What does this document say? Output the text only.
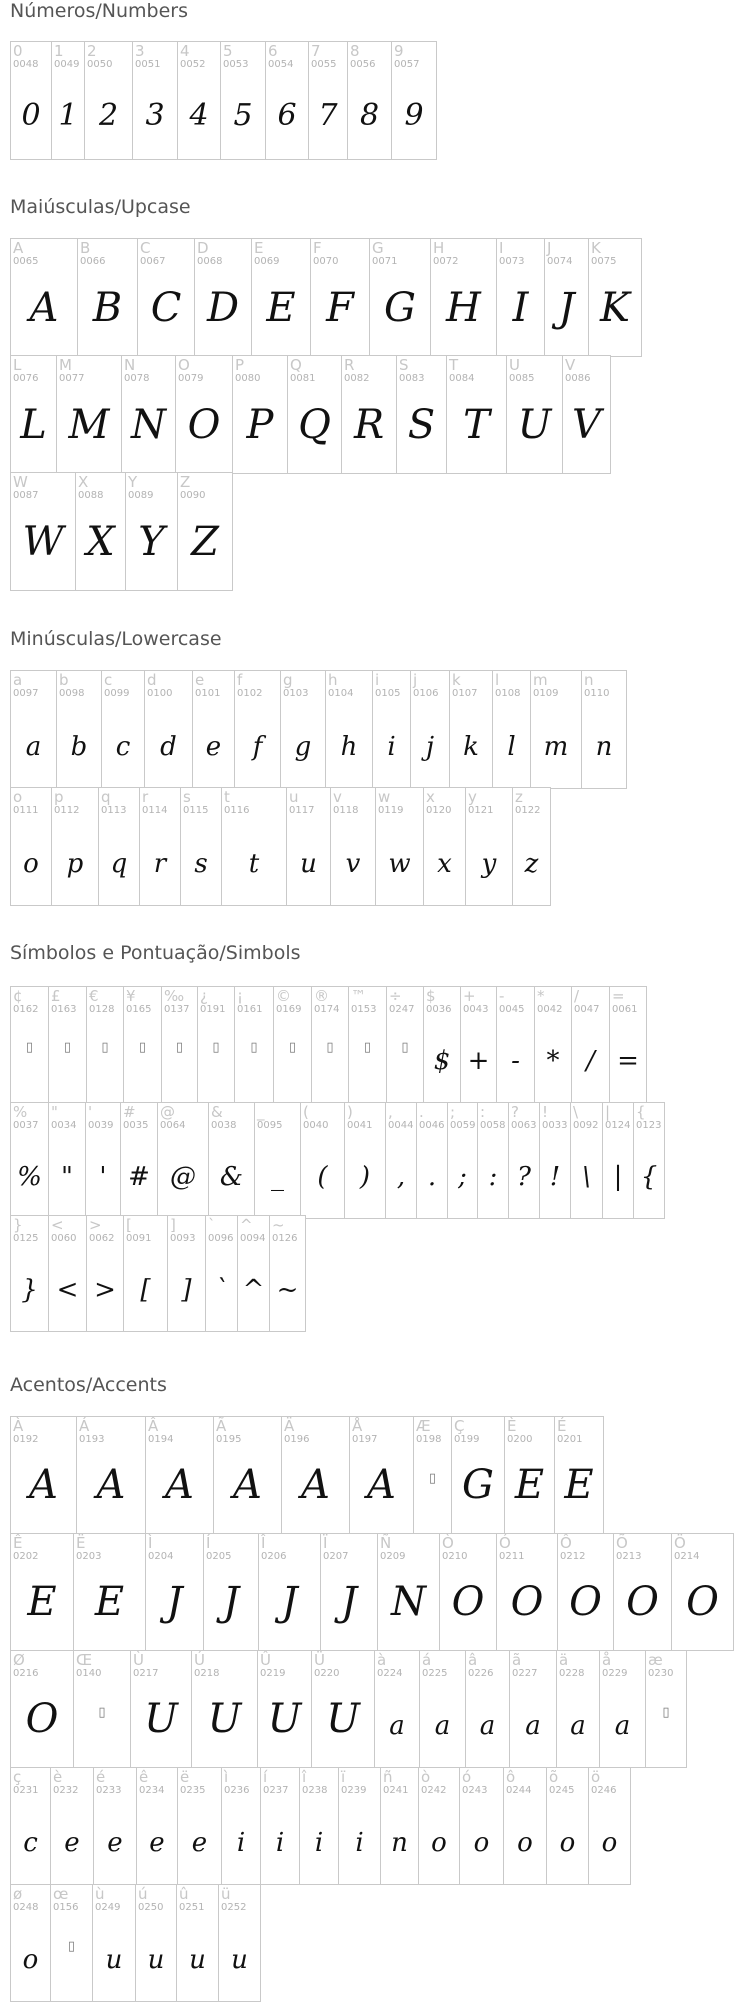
Números/Numbers
0
0048
0
1
0049
1
2
0050
2
3
0051
3
4
0052
4
5
0053
5
6
0054
6
7
0055
7
8
0056
8
9
0057
9
Maiúsculas/Upcase
A
0065
A
B
0066
B
C
0067
C
D
0068
D
E
0069
E
F
0070
F
G
0071
G
H
0072
H
I
0073
I
J
0074
J
K
0075
K
L
0076
L
M
0077
M
N
0078
N
O
0079
O
P
0080
P
Q
0081
Q
R
0082
R
S
0083
S
T
0084
T
U
0085
U
V
0086
V
W
0087
W
X
0088
X
Y
0089
Y
Z
0090
Z
Minúsculas/Lowercase
a
0097
a
b
0098
b
c
0099
c
d
0100
d
e
0101
e
f
0102
f
g
0103
g
h
0104
h
i
0105
i
j
0106
j
k
0107
k
l
0108
l
m
0109
m
n
0110
n
o
0111
o
p
0112
p
q
0113
q
r
0114
r
s
0115
s
t
0116
t
u
0117
u
v
0118
v
w
0119
w
x
0120
x
y
0121
y
z
0122
z
Símbolos e Pontuação/Simbols
¢
0162
▯
£
0163
▯
€
0128
▯
¥
0165
▯
‰
0137
▯
¿
0191
▯
¡
0161
▯
©
0169
▯
®
0174
▯
™
0153
▯
÷
0247
▯
$
0036
$
+
0043
+
-
0045
-
*
0042
*
/
0047
/
=
0061
=
%
0037
%
"
0034
"
'
0039
'
#
0035
#
@
0064
@
&
0038
&
_
0095
_
(
0040
(
)
0041
)
,
0044
,
.
0046
.
;
0059
;
:
0058
:
?
0063
?
!
0033
!
\
0092
\
|
0124
|
{
0123
{
}
0125
}
<
0060
<
>
0062
>
[
0091
[
]
0093
]
`
0096
`
^
0094
^
~
0126
~
Acentos/Accents
À
0192
A
Á
0193
A
Â
0194
A
Ã
0195
A
Ä
0196
A
Å
0197
A
Æ
0198
▯
Ç
0199
G
È
0200
E
É
0201
E
Ê
0202
E
Ë
0203
E
Ì
0204
J
Í
0205
J
Î
0206
J
Ï
0207
J
Ñ
0209
N
Ò
0210
O
Ó
0211
O
Ô
0212
O
Õ
0213
O
Ö
0214
O
Ø
0216
O
Œ
0140
▯
Ù
0217
U
Ú
0218
U
Û
0219
U
Ü
0220
U
à
0224
a
á
0225
a
â
0226
a
ã
0227
a
ä
0228
a
å
0229
a
æ
0230
▯
ç
0231
c
è
0232
e
é
0233
e
ê
0234
e
ë
0235
e
ì
0236
i
í
0237
i
î
0238
i
ï
0239
i
ñ
0241
n
ò
0242
o
ó
0243
o
ô
0244
o
õ
0245
o
ö
0246
o
ø
0248
o
œ
0156
▯
ù
0249
u
ú
0250
u
û
0251
u
ü
0252
u
